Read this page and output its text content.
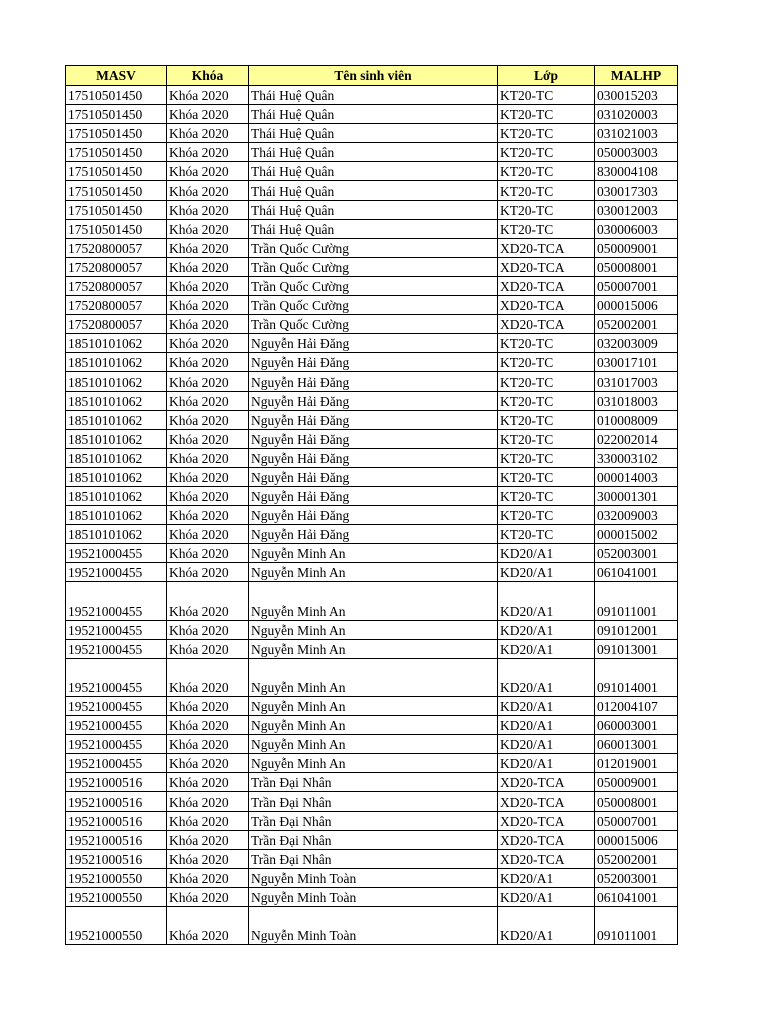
MASV	Khóa	Tên sinh viên	Lớp	MALHP
17510501450	Khóa 2020	Thái Huệ Quân	KT20-TC	030015203
17510501450	Khóa 2020	Thái Huệ Quân	KT20-TC	031020003
17510501450	Khóa 2020	Thái Huệ Quân	KT20-TC	031021003
17510501450	Khóa 2020	Thái Huệ Quân	KT20-TC	050003003
17510501450	Khóa 2020	Thái Huệ Quân	KT20-TC	830004108
17510501450	Khóa 2020	Thái Huệ Quân	KT20-TC	030017303
17510501450	Khóa 2020	Thái Huệ Quân	KT20-TC	030012003
17510501450	Khóa 2020	Thái Huệ Quân	KT20-TC	030006003
17520800057	Khóa 2020	Trần Quốc Cường	XD20-TCA	050009001
17520800057	Khóa 2020	Trần Quốc Cường	XD20-TCA	050008001
17520800057	Khóa 2020	Trần Quốc Cường	XD20-TCA	050007001
17520800057	Khóa 2020	Trần Quốc Cường	XD20-TCA	000015006
17520800057	Khóa 2020	Trần Quốc Cường	XD20-TCA	052002001
18510101062	Khóa 2020	Nguyễn Hải Đăng	KT20-TC	032003009
18510101062	Khóa 2020	Nguyễn Hải Đăng	KT20-TC	030017101
18510101062	Khóa 2020	Nguyễn Hải Đăng	KT20-TC	031017003
18510101062	Khóa 2020	Nguyễn Hải Đăng	KT20-TC	031018003
18510101062	Khóa 2020	Nguyễn Hải Đăng	KT20-TC	010008009
18510101062	Khóa 2020	Nguyễn Hải Đăng	KT20-TC	022002014
18510101062	Khóa 2020	Nguyễn Hải Đăng	KT20-TC	330003102
18510101062	Khóa 2020	Nguyễn Hải Đăng	KT20-TC	000014003
18510101062	Khóa 2020	Nguyễn Hải Đăng	KT20-TC	300001301
18510101062	Khóa 2020	Nguyễn Hải Đăng	KT20-TC	032009003
18510101062	Khóa 2020	Nguyễn Hải Đăng	KT20-TC	000015002
19521000455	Khóa 2020	Nguyễn Minh An	KD20/A1	052003001
19521000455	Khóa 2020	Nguyễn Minh An	KD20/A1	061041001
19521000455	Khóa 2020	Nguyễn Minh An	KD20/A1	091011001
19521000455	Khóa 2020	Nguyễn Minh An	KD20/A1	091012001
19521000455	Khóa 2020	Nguyễn Minh An	KD20/A1	091013001
19521000455	Khóa 2020	Nguyễn Minh An	KD20/A1	091014001
19521000455	Khóa 2020	Nguyễn Minh An	KD20/A1	012004107
19521000455	Khóa 2020	Nguyễn Minh An	KD20/A1	060003001
19521000455	Khóa 2020	Nguyễn Minh An	KD20/A1	060013001
19521000455	Khóa 2020	Nguyễn Minh An	KD20/A1	012019001
19521000516	Khóa 2020	Trần Đại Nhân	XD20-TCA	050009001
19521000516	Khóa 2020	Trần Đại Nhân	XD20-TCA	050008001
19521000516	Khóa 2020	Trần Đại Nhân	XD20-TCA	050007001
19521000516	Khóa 2020	Trần Đại Nhân	XD20-TCA	000015006
19521000516	Khóa 2020	Trần Đại Nhân	XD20-TCA	052002001
19521000550	Khóa 2020	Nguyễn Minh Toàn	KD20/A1	052003001
19521000550	Khóa 2020	Nguyễn Minh Toàn	KD20/A1	061041001
19521000550	Khóa 2020	Nguyễn Minh Toàn	KD20/A1	091011001
